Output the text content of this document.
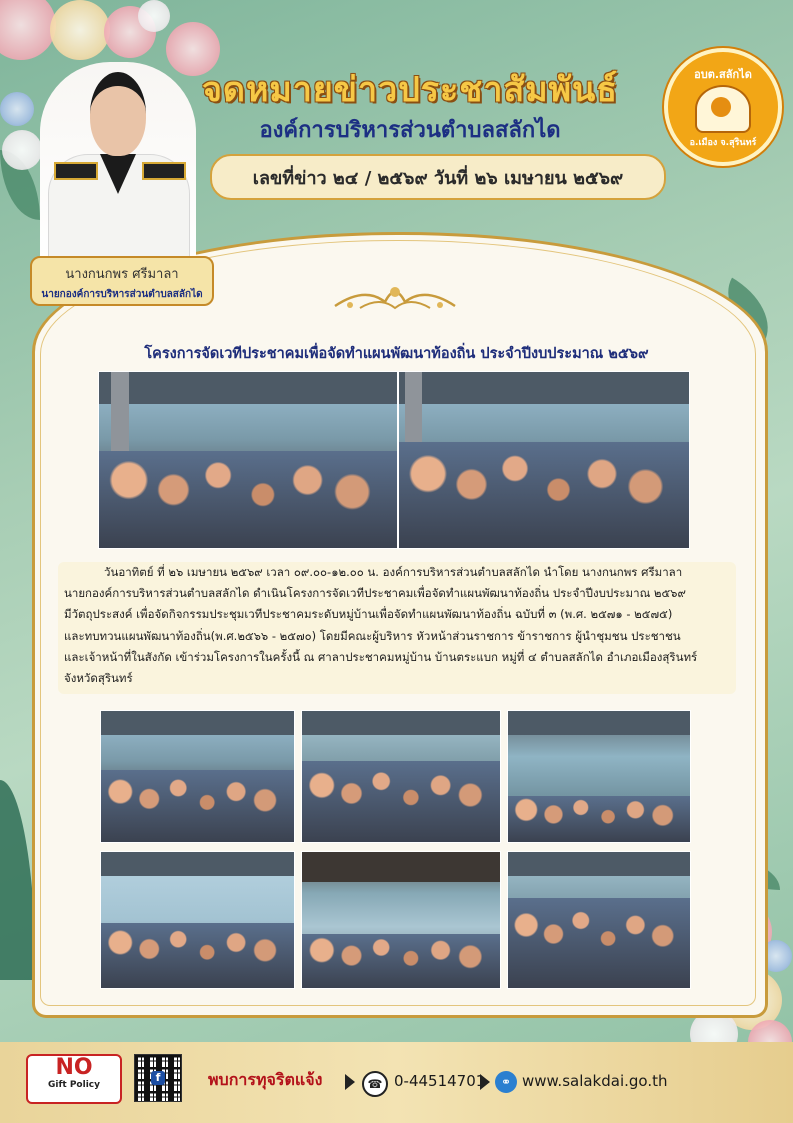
จดหมายข่าวประชาสัมพันธ์
องค์การบริหารส่วนตำบลสลักได
เลขที่ข่าว ๒๔ / ๒๕๖๙ วันที่ ๒๖ เมษายน ๒๕๖๙
อบต.สลักได
อ.เมือง จ.สุรินทร์
นางกนกพร ศรีมาลา
นายกองค์การบริหารส่วนตำบลสลักได
โครงการจัดเวทีประชาคมเพื่อจัดทำแผนพัฒนาท้องถิ่น ประจำปีงบประมาณ ๒๕๖๙
วันอาทิตย์ ที่ ๒๖ เมษายน ๒๕๖๙ เวลา ๐๙.๐๐-๑๒.๐๐ น. องค์การบริหารส่วนตำบลสลักได นำโดย นางกนกพร ศรีมาลา
นายกองค์การบริหารส่วนตำบลสลักได ดำเนินโครงการจัดเวทีประชาคมเพื่อจัดทำแผนพัฒนาท้องถิ่น ประจำปีงบประมาณ ๒๕๖๙
มีวัตถุประสงค์ เพื่อจัดกิจกรรมประชุมเวทีประชาคมระดับหมู่บ้านเพื่อจัดทำแผนพัฒนาท้องถิ่น ฉบับที่ ๓ (พ.ศ. ๒๕๗๑ - ๒๕๗๕)
และทบทวนแผนพัฒนาท้องถิ่น(พ.ศ.๒๕๖๖ - ๒๕๗๐) โดยมีคณะผู้บริหาร หัวหน้าส่วนราชการ ข้าราชการ ผู้นำชุมชน ประชาชน
และเจ้าหน้าที่ในสังกัด เข้าร่วมโครงการในครั้งนี้ ณ ศาลาประชาคมหมู่บ้าน บ้านตระแบก หมู่ที่ ๔ ตำบลสลักได อำเภอเมืองสุรินทร์
จังหวัดสุรินทร์
NO
Gift Policy
f	พบการทุจริตแจ้ง	☎ 0-44514701	⚭ www.salakdai.go.th
